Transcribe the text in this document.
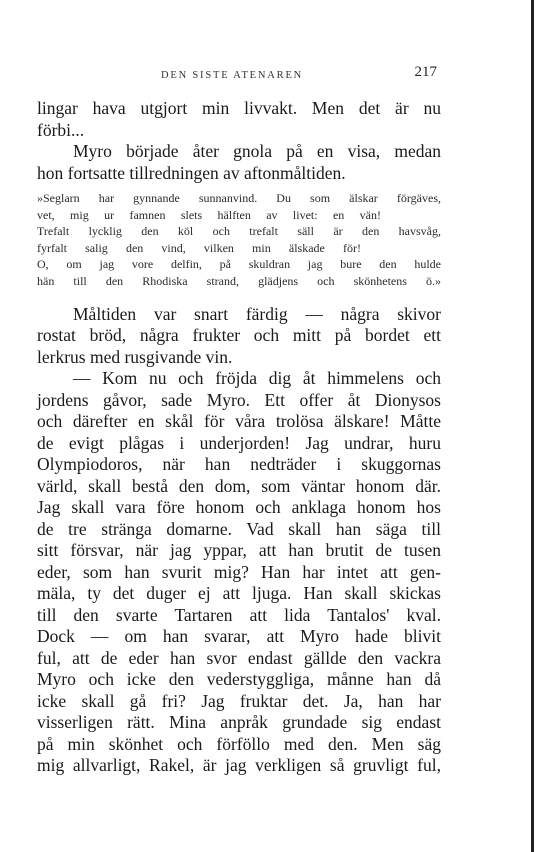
DEN SISTE ATENAREN	217
lingar hava utgjort min livvakt. Men det är nu
förbi...
Myro började åter gnola på en visa, medan
hon fortsatte tillredningen av aftonmåltiden.
»Seglarn har gynnande sunnanvind. Du som älskar förgäves,
vet, mig ur famnen slets hälften av livet: en vän!
Trefalt lycklig den köl och trefalt säll är den havsvåg,
fyrfalt salig den vind, vilken min älskade för!
O, om jag vore delfin, på skuldran jag bure den hulde
hän till den Rhodiska strand, glädjens och skönhetens ö.»
Måltiden var snart färdig — några skivor
rostat bröd, några frukter och mitt på bordet ett
lerkrus med rusgivande vin.
— Kom nu och fröjda dig åt himmelens och
jordens gåvor, sade Myro. Ett offer åt Dionysos
och därefter en skål för våra trolösa älskare! Måtte
de evigt plågas i underjorden! Jag undrar, huru
Olympiodoros, när han nedträder i skuggornas
värld, skall bestå den dom, som väntar honom där.
Jag skall vara före honom och anklaga honom hos
de tre stränga domarne. Vad skall han säga till
sitt försvar, när jag yppar, att han brutit de tusen
eder, som han svurit mig? Han har intet att gen-
mäla, ty det duger ej att ljuga. Han skall skickas
till den svarte Tartaren att lida Tantalos' kval.
Dock — om han svarar, att Myro hade blivit
ful, att de eder han svor endast gällde den vackra
Myro och icke den vederstyggliga, månne han då
icke skall gå fri? Jag fruktar det. Ja, han har
visserligen rätt. Mina anpråk grundade sig endast
på min skönhet och förföllo med den. Men säg
mig allvarligt, Rakel, är jag verkligen så gruvligt ful,
